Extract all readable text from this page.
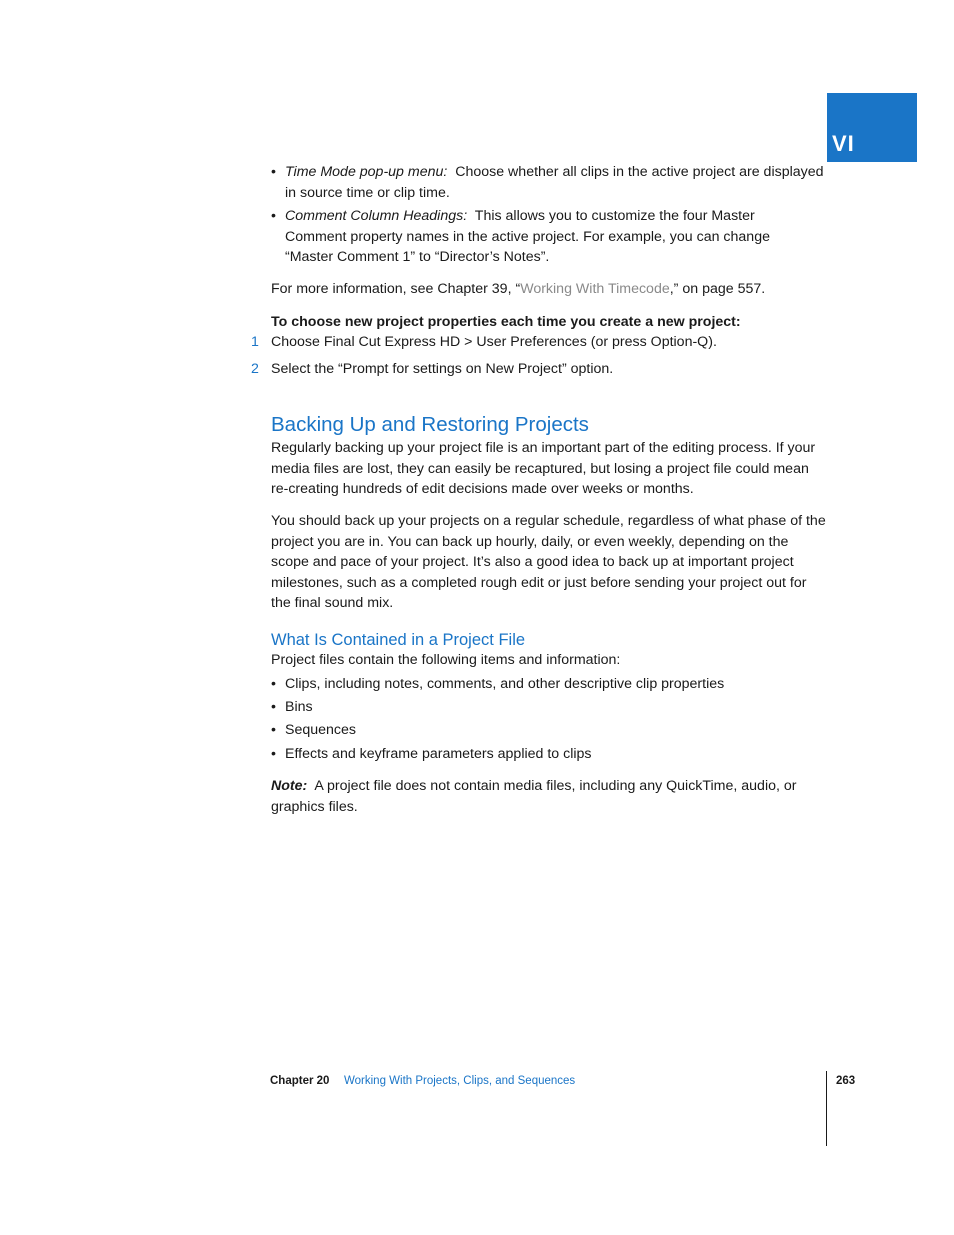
VI
• Time Mode pop-up menu: Choose whether all clips in the active project are displayed in source time or clip time.
• Comment Column Headings: This allows you to customize the four Master Comment property names in the active project. For example, you can change “Master Comment 1” to “Director’s Notes”.
For more information, see Chapter 39, “Working With Timecode,” on page 557.
To choose new project properties each time you create a new project:
1 Choose Final Cut Express HD > User Preferences (or press Option-Q).
2 Select the “Prompt for settings on New Project” option.
Backing Up and Restoring Projects
Regularly backing up your project file is an important part of the editing process. If your media files are lost, they can easily be recaptured, but losing a project file could mean re-creating hundreds of edit decisions made over weeks or months.
You should back up your projects on a regular schedule, regardless of what phase of the project you are in. You can back up hourly, daily, or even weekly, depending on the scope and pace of your project. It’s also a good idea to back up at important project milestones, such as a completed rough edit or just before sending your project out for the final sound mix.
What Is Contained in a Project File
Project files contain the following items and information:
• Clips, including notes, comments, and other descriptive clip properties
• Bins
• Sequences
• Effects and keyframe parameters applied to clips
Note: A project file does not contain media files, including any QuickTime, audio, or graphics files.
Chapter 20 Working With Projects, Clips, and Sequences	263
